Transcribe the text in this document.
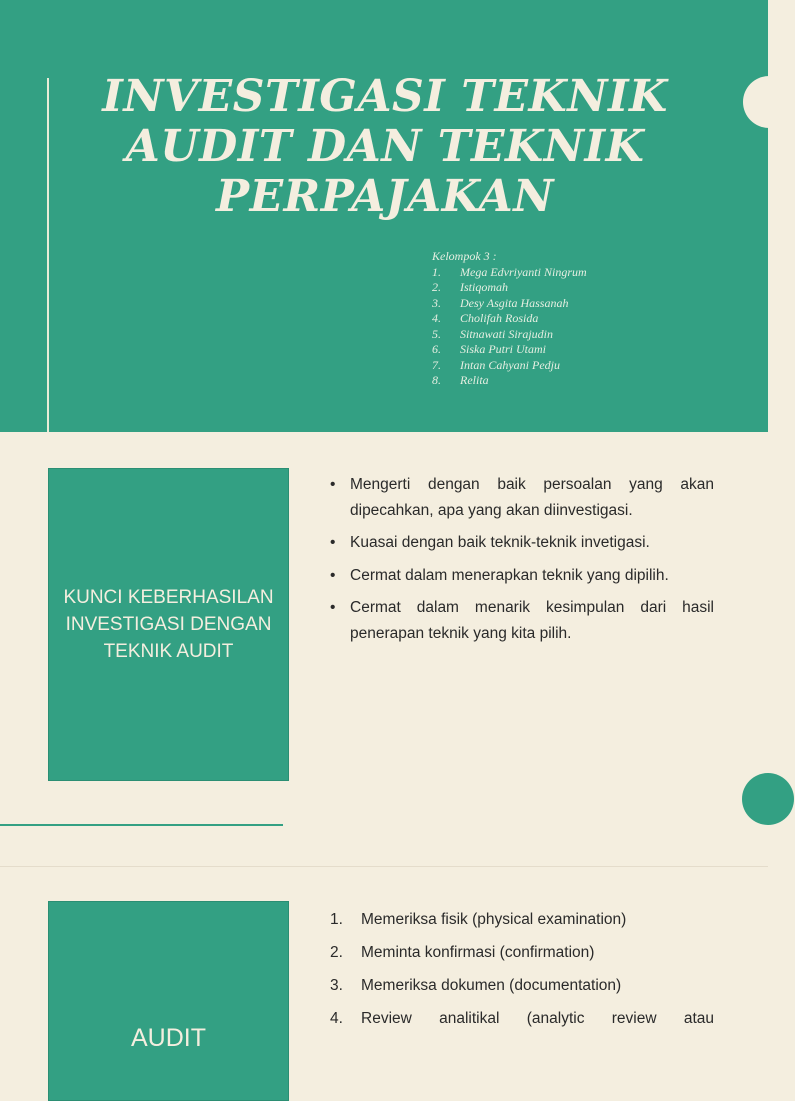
INVESTIGASI TEKNIK
AUDIT DAN TEKNIK
PERPAJAKAN
Kelompok 3 :
1.	Mega Edvriyanti Ningrum
2.	Istiqomah
3.	Desy Asgita Hassanah
4.	Cholifah Rosida
5.	Sitnawati Sirajudin
6.	Siska Putri Utami
7.	Intan Cahyani Pedju
8.	Relita
KUNCI KEBERHASILAN
INVESTIGASI DENGAN
TEKNIK AUDIT
• Mengerti dengan baik persoalan yang akan dipecahkan, apa yang akan diinvestigasi.
• Kuasai dengan baik teknik-teknik invetigasi.
• Cermat dalam menerapkan teknik yang dipilih.
• Cermat dalam menarik kesimpulan dari hasil penerapan teknik yang kita pilih.
AUDIT
1.	Memeriksa fisik (physical examination)
2.	Meminta konfirmasi (confirmation)
3.	Memeriksa dokumen (documentation)
4.	Review analitikal (analytic review atau
